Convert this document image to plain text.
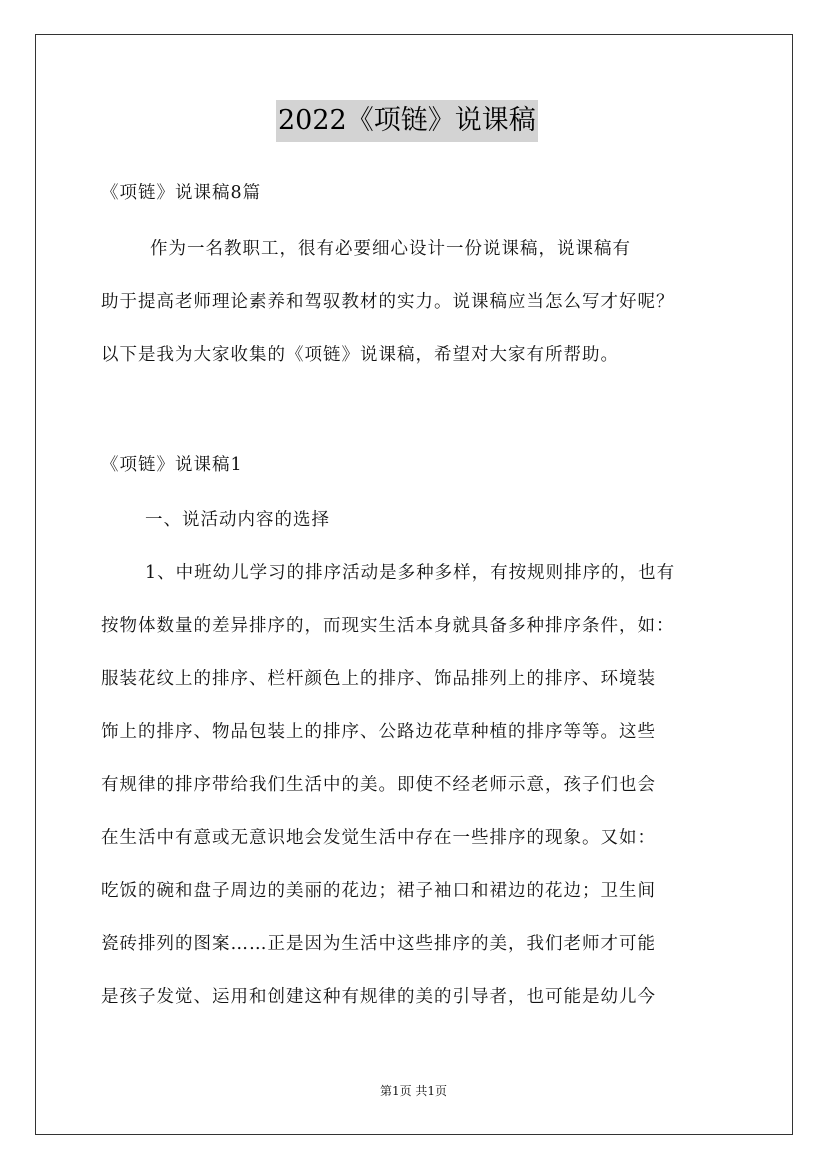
2022《项链》说课稿
《项链》说课稿8篇
作为一名教职工，很有必要细心设计一份说课稿，说课稿有
助于提高老师理论素养和驾驭教材的实力。说课稿应当怎么写才好呢？
以下是我为大家收集的《项链》说课稿，希望对大家有所帮助。
《项链》说课稿1
一、说活动内容的选择
1、中班幼儿学习的排序活动是多种多样，有按规则排序的，也有
按物体数量的差异排序的，而现实生活本身就具备多种排序条件，如：
服装花纹上的排序、栏杆颜色上的排序、饰品排列上的排序、环境装
饰上的排序、物品包装上的排序、公路边花草种植的排序等等。这些
有规律的排序带给我们生活中的美。即使不经老师示意，孩子们也会
在生活中有意或无意识地会发觉生活中存在一些排序的现象。又如：
吃饭的碗和盘子周边的美丽的花边；裙子袖口和裙边的花边；卫生间
瓷砖排列的图案……正是因为生活中这些排序的美，我们老师才可能
是孩子发觉、运用和创建这种有规律的美的引导者，也可能是幼儿今
第1页 共1页
